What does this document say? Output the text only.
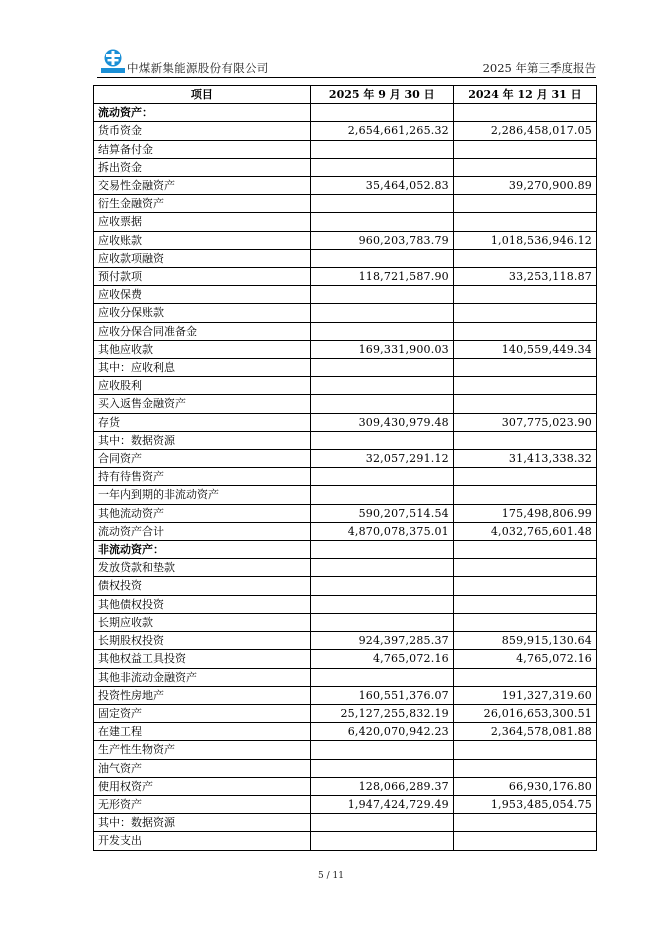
中煤新集能源股份有限公司	2025 年第三季度报告
项目	2025 年 9 月 30 日	2024 年 12 月 31 日
流动资产：		
货币资金	2,654,661,265.32	2,286,458,017.05
结算备付金		
拆出资金		
交易性金融资产	35,464,052.83	39,270,900.89
衍生金融资产		
应收票据		
应收账款	960,203,783.79	1,018,536,946.12
应收款项融资		
预付款项	118,721,587.90	33,253,118.87
应收保费		
应收分保账款		
应收分保合同准备金		
其他应收款	169,331,900.03	140,559,449.34
其中：应收利息		
应收股利		
买入返售金融资产		
存货	309,430,979.48	307,775,023.90
其中：数据资源		
合同资产	32,057,291.12	31,413,338.32
持有待售资产		
一年内到期的非流动资产		
其他流动资产	590,207,514.54	175,498,806.99
流动资产合计	4,870,078,375.01	4,032,765,601.48
非流动资产：		
发放贷款和垫款		
债权投资		
其他债权投资		
长期应收款		
长期股权投资	924,397,285.37	859,915,130.64
其他权益工具投资	4,765,072.16	4,765,072.16
其他非流动金融资产		
投资性房地产	160,551,376.07	191,327,319.60
固定资产	25,127,255,832.19	26,016,653,300.51
在建工程	6,420,070,942.23	2,364,578,081.88
生产性生物资产		
油气资产		
使用权资产	128,066,289.37	66,930,176.80
无形资产	1,947,424,729.49	1,953,485,054.75
其中：数据资源		
开发支出		
5 / 11
